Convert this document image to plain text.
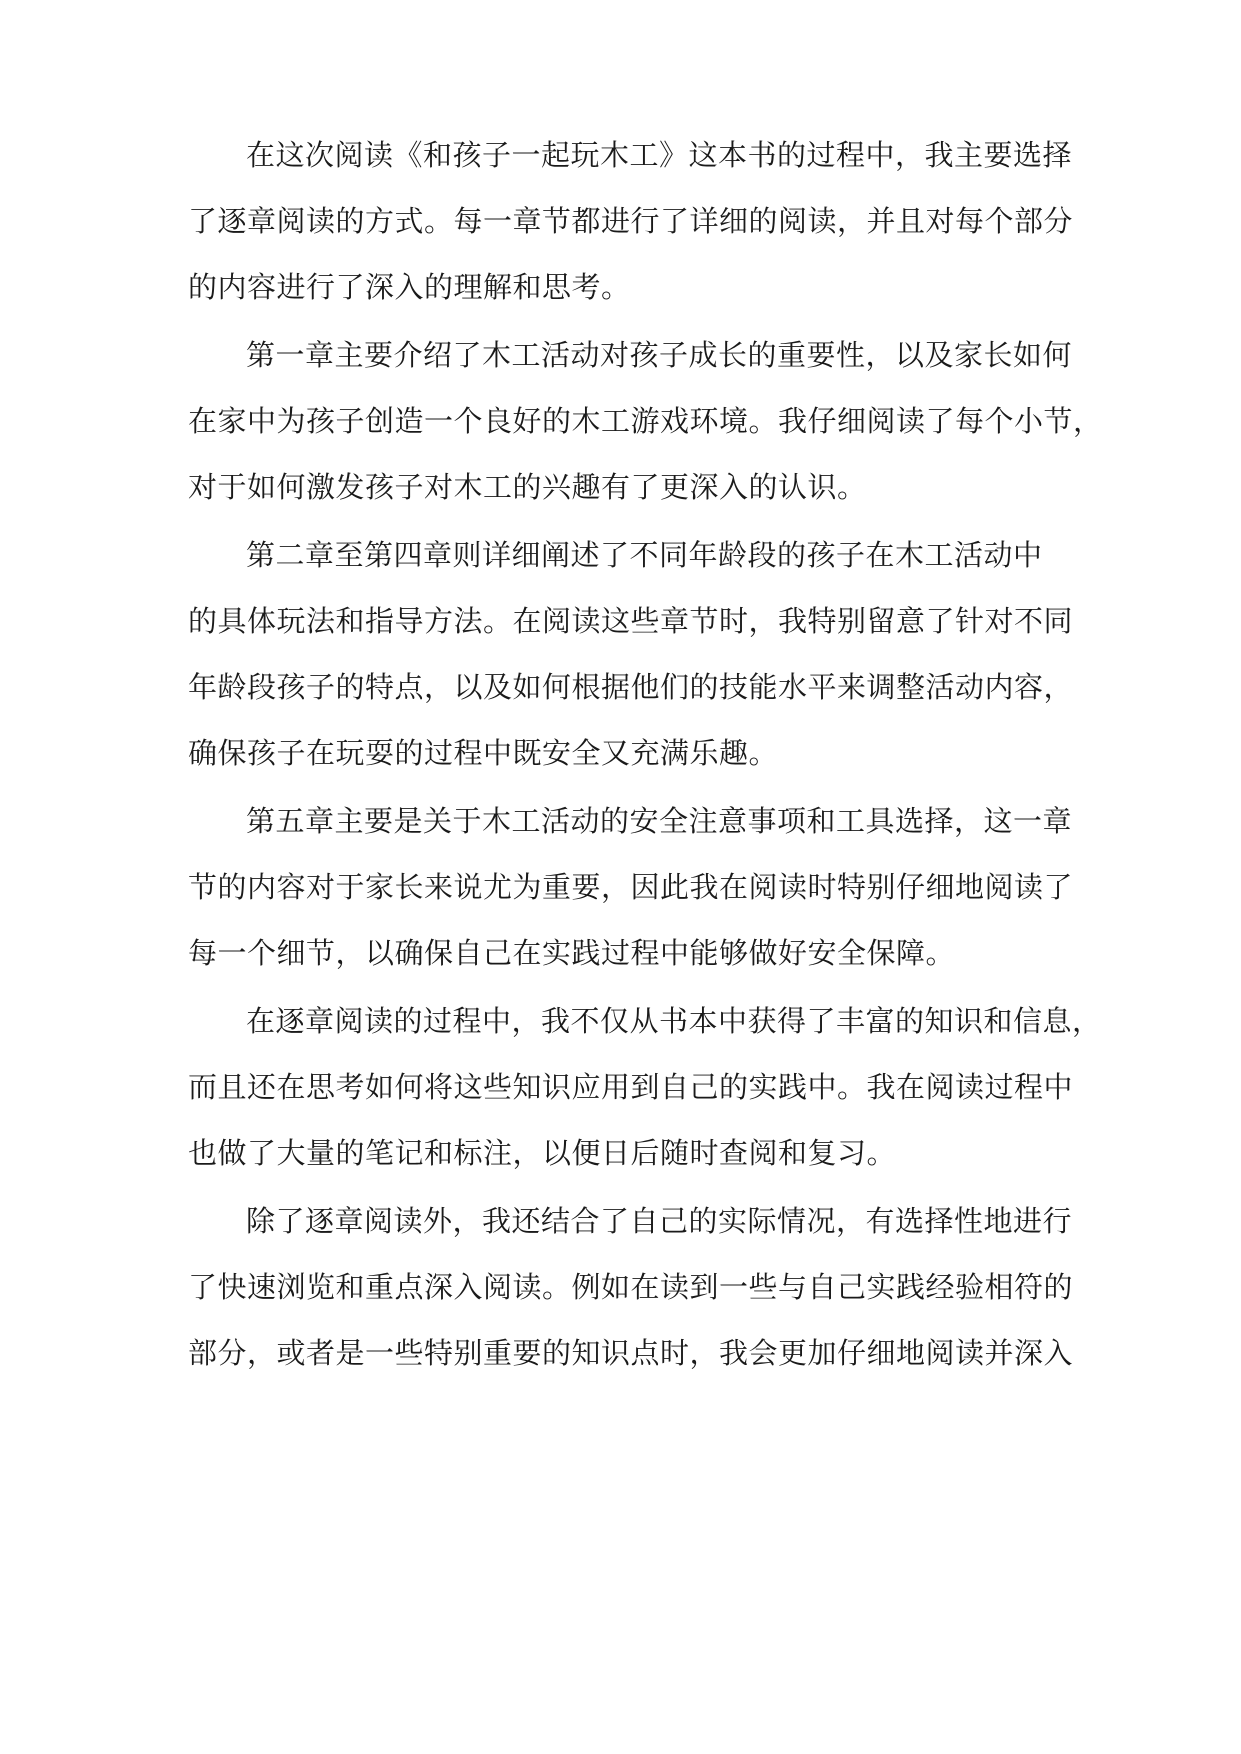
在这次阅读《和孩子一起玩木工》这本书的过程中，我主要选择
了逐章阅读的方式。每一章节都进行了详细的阅读，并且对每个部分
的内容进行了深入的理解和思考。
第一章主要介绍了木工活动对孩子成长的重要性，以及家长如何
在家中为孩子创造一个良好的木工游戏环境。我仔细阅读了每个小节，
对于如何激发孩子对木工的兴趣有了更深入的认识。
第二章至第四章则详细阐述了不同年龄段的孩子在木工活动中
的具体玩法和指导方法。在阅读这些章节时，我特别留意了针对不同
年龄段孩子的特点，以及如何根据他们的技能水平来调整活动内容，
确保孩子在玩耍的过程中既安全又充满乐趣。
第五章主要是关于木工活动的安全注意事项和工具选择，这一章
节的内容对于家长来说尤为重要，因此我在阅读时特别仔细地阅读了
每一个细节，以确保自己在实践过程中能够做好安全保障。
在逐章阅读的过程中，我不仅从书本中获得了丰富的知识和信息，
而且还在思考如何将这些知识应用到自己的实践中。我在阅读过程中
也做了大量的笔记和标注，以便日后随时查阅和复习。
除了逐章阅读外，我还结合了自己的实际情况，有选择性地进行
了快速浏览和重点深入阅读。例如在读到一些与自己实践经验相符的
部分，或者是一些特别重要的知识点时，我会更加仔细地阅读并深入
